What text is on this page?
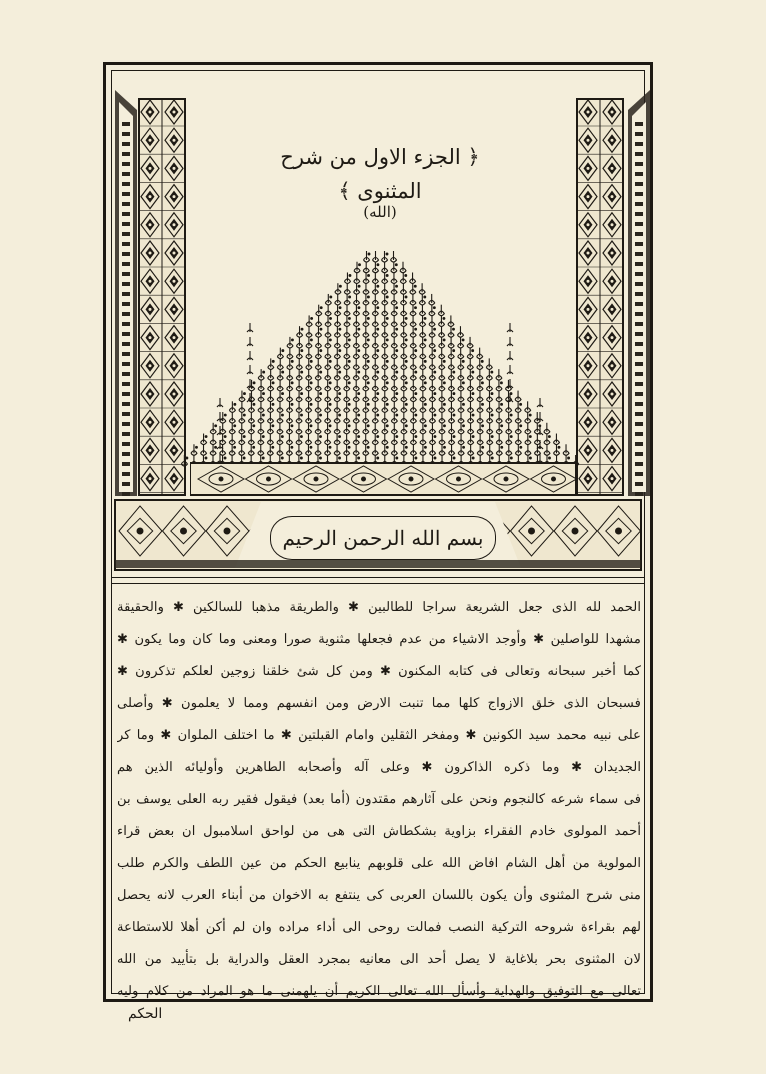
﴿ الجزء الاول من شرح المثنوى ﴾
(الله)
بسم الله الرحمن الرحيم
الحمد لله الذى جعل الشريعة سراجا للطالبين ✱ والطريقة مذهبا للسالكين ✱ والحقيقة
مشهدا للواصلين ✱ وأوجد الاشياء من عدم فجعلها مثنوية صورا ومعنى وما كان وما يكون ✱
كما أخبر سبحانه وتعالى فى كتابه المكنون ✱ ومن كل شئ خلقنا زوجين لعلكم تذكرون ✱
فسبحان الذى خلق الازواج كلها مما تنبت الارض ومن انفسهم ومما لا يعلمون ✱ وأصلى
على نبيه محمد سيد الكونين ✱ ومفخر الثقلين وامام القبلتين ✱ ما اختلف الملوان ✱ وما كر
الجديدان ✱ وما ذكره الذاكرون ✱ وعلى آله وأصحابه الطاهرين وأوليائه الذين هم
فى سماء شرعه كالنجوم ونحن على آثارهم مقتدون (أما بعد) فيقول فقير ربه العلى يوسف بن
أحمد المولوى خادم الفقراء بزاوية بشكطاش التى هى من لواحق اسلامبول ان بعض قراء
المولوية من أهل الشام افاض الله على قلوبهم ينابيع الحكم من عين اللطف والكرم طلب
منى شرح المثنوى وأن يكون باللسان العربى كى ينتفع به الاخوان من أبناء العرب لانه يحصل
لهم بقراءة شروحه التركية النصب فمالت روحى الى أداء مراده وان لم أكن أهلا للاستطاعة
لان المثنوى بحر بلاغاية لا يصل أحد الى معانيه بمجرد العقل والدراية بل بتأييد من الله
تعالى مع التوفيق والهداية وأسأل الله تعالى الكريم أن يلهمنى ما هو المراد من كلام وليه
الحكم
